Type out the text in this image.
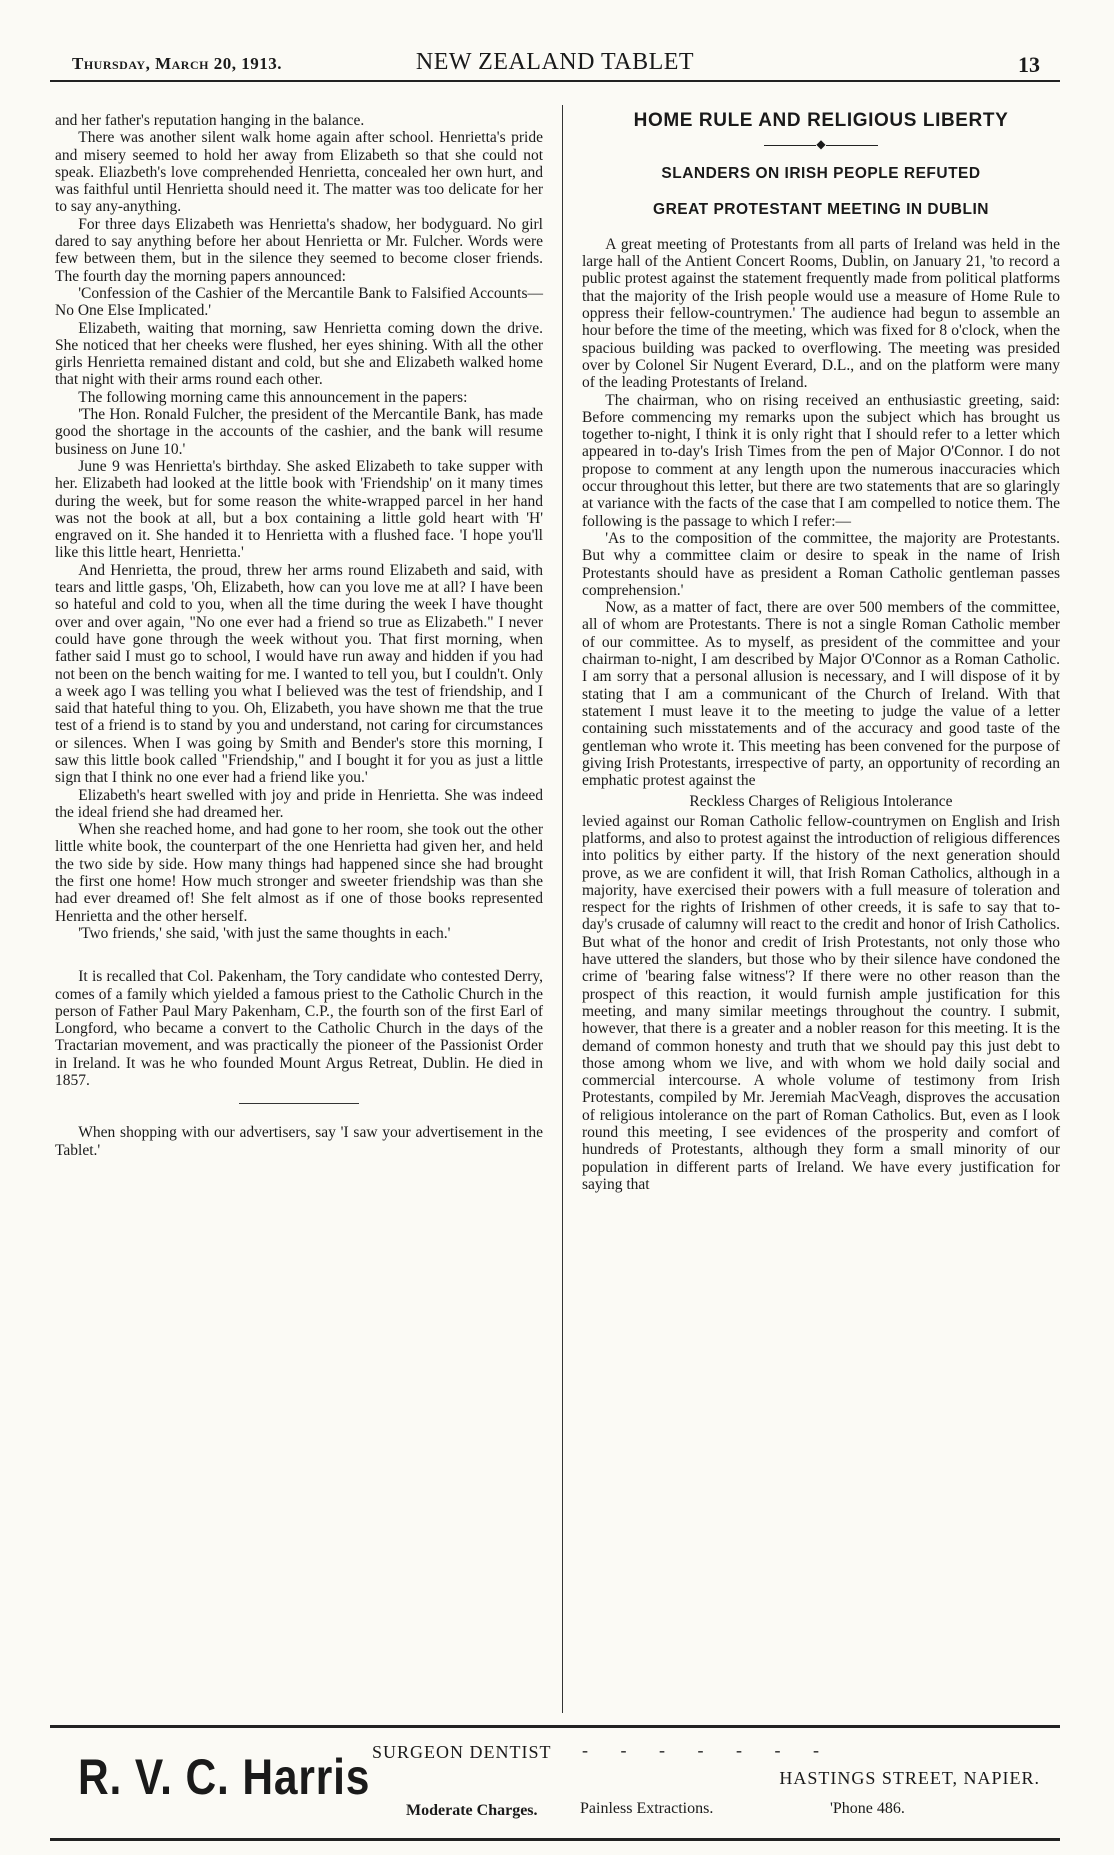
Thursday, March 20, 1913.	NEW ZEALAND TABLET	13

and her father's reputation hanging in the balance.

There was another silent walk home again after school. Henrietta's pride and misery seemed to hold her away from Elizabeth so that she could not speak. Eliazbeth's love comprehended Henrietta, concealed her own hurt, and was faithful until Henrietta should need it. The matter was too delicate for her to say any-anything.

For three days Elizabeth was Henrietta's shadow, her bodyguard. No girl dared to say anything before her about Henrietta or Mr. Fulcher. Words were few between them, but in the silence they seemed to become closer friends. The fourth day the morning papers announced:

'Confession of the Cashier of the Mercantile Bank to Falsified Accounts—No One Else Implicated.'

Elizabeth, waiting that morning, saw Henrietta coming down the drive. She noticed that her cheeks were flushed, her eyes shining. With all the other girls Henrietta remained distant and cold, but she and Elizabeth walked home that night with their arms round each other.

The following morning came this announcement in the papers:

'The Hon. Ronald Fulcher, the president of the Mercantile Bank, has made good the shortage in the accounts of the cashier, and the bank will resume business on June 10.'

June 9 was Henrietta's birthday. She asked Elizabeth to take supper with her. Elizabeth had looked at the little book with 'Friendship' on it many times during the week, but for some reason the white-wrapped parcel in her hand was not the book at all, but a box containing a little gold heart with 'H' engraved on it. She handed it to Henrietta with a flushed face. 'I hope you'll like this little heart, Henrietta.'

And Henrietta, the proud, threw her arms round Elizabeth and said, with tears and little gasps, 'Oh, Elizabeth, how can you love me at all? I have been so hateful and cold to you, when all the time during the week I have thought over and over again, "No one ever had a friend so true as Elizabeth." I never could have gone through the week without you. That first morning, when father said I must go to school, I would have run away and hidden if you had not been on the bench waiting for me. I wanted to tell you, but I couldn't. Only a week ago I was telling you what I believed was the test of friendship, and I said that hateful thing to you. Oh, Elizabeth, you have shown me that the true test of a friend is to stand by you and understand, not caring for circumstances or silences. When I was going by Smith and Bender's store this morning, I saw this little book called "Friendship," and I bought it for you as just a little sign that I think no one ever had a friend like you.'

Elizabeth's heart swelled with joy and pride in Henrietta. She was indeed the ideal friend she had dreamed her.

When she reached home, and had gone to her room, she took out the other little white book, the counterpart of the one Henrietta had given her, and held the two side by side. How many things had happened since she had brought the first one home! How much stronger and sweeter friendship was than she had ever dreamed of! She felt almost as if one of those books represented Henrietta and the other herself.

'Two friends,' she said, 'with just the same thoughts in each.'

It is recalled that Col. Pakenham, the Tory candidate who contested Derry, comes of a family which yielded a famous priest to the Catholic Church in the person of Father Paul Mary Pakenham, C.P., the fourth son of the first Earl of Longford, who became a convert to the Catholic Church in the days of the Tractarian movement, and was practically the pioneer of the Passionist Order in Ireland. It was he who founded Mount Argus Retreat, Dublin. He died in 1857.

When shopping with our advertisers, say 'I saw your advertisement in the Tablet.'

HOME RULE AND RELIGIOUS LIBERTY
◆
SLANDERS ON IRISH PEOPLE REFUTED
GREAT PROTESTANT MEETING IN DUBLIN

A great meeting of Protestants from all parts of Ireland was held in the large hall of the Antient Concert Rooms, Dublin, on January 21, 'to record a public protest against the statement frequently made from political platforms that the majority of the Irish people would use a measure of Home Rule to oppress their fellow-countrymen.' The audience had begun to assemble an hour before the time of the meeting, which was fixed for 8 o'clock, when the spacious building was packed to overflowing. The meeting was presided over by Colonel Sir Nugent Everard, D.L., and on the platform were many of the leading Protestants of Ireland.

The chairman, who on rising received an enthusiastic greeting, said: Before commencing my remarks upon the subject which has brought us together to-night, I think it is only right that I should refer to a letter which appeared in to-day's Irish Times from the pen of Major O'Connor. I do not propose to comment at any length upon the numerous inaccuracies which occur throughout this letter, but there are two statements that are so glaringly at variance with the facts of the case that I am compelled to notice them. The following is the passage to which I refer:—

'As to the composition of the committee, the majority are Protestants. But why a committee claim or desire to speak in the name of Irish Protestants should have as president a Roman Catholic gentleman passes comprehension.'

Now, as a matter of fact, there are over 500 members of the committee, all of whom are Protestants. There is not a single Roman Catholic member of our committee. As to myself, as president of the committee and your chairman to-night, I am described by Major O'Connor as a Roman Catholic. I am sorry that a personal allusion is necessary, and I will dispose of it by stating that I am a communicant of the Church of Ireland. With that statement I must leave it to the meeting to judge the value of a letter containing such misstatements and of the accuracy and good taste of the gentleman who wrote it. This meeting has been convened for the purpose of giving Irish Protestants, irrespective of party, an opportunity of recording an emphatic protest against the

Reckless Charges of Religious Intolerance

levied against our Roman Catholic fellow-countrymen on English and Irish platforms, and also to protest against the introduction of religious differences into politics by either party. If the history of the next generation should prove, as we are confident it will, that Irish Roman Catholics, although in a majority, have exercised their powers with a full measure of toleration and respect for the rights of Irishmen of other creeds, it is safe to say that to-day's crusade of calumny will react to the credit and honor of Irish Catholics. But what of the honor and credit of Irish Protestants, not only those who have uttered the slanders, but those who by their silence have condoned the crime of 'bearing false witness'? If there were no other reason than the prospect of this reaction, it would furnish ample justification for this meeting, and many similar meetings throughout the country. I submit, however, that there is a greater and a nobler reason for this meeting. It is the demand of common honesty and truth that we should pay this just debt to those among whom we live, and with whom we hold daily social and commercial intercourse. A whole volume of testimony from Irish Protestants, compiled by Mr. Jeremiah MacVeagh, disproves the accusation of religious intolerance on the part of Roman Catholics. But, even as I look round this meeting, I see evidences of the prosperity and comfort of hundreds of Protestants, although they form a small minority of our population in different parts of Ireland. We have every justification for saying that

R. V. C. Harris SURGEON DENTIST - - - - - - -
HASTINGS STREET, NAPIER.
Moderate Charges.	Painless Extractions.	'Phone 486.
